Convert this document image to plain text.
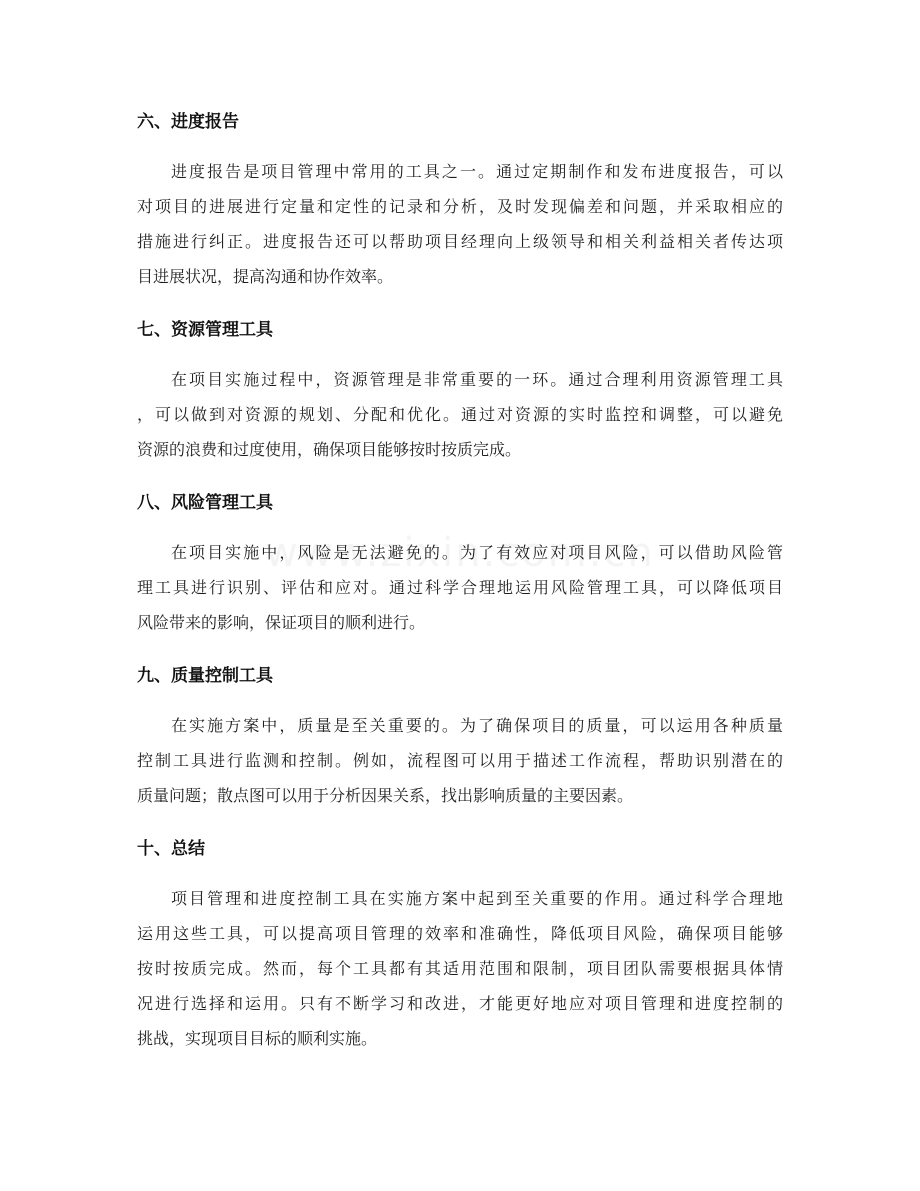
六、进度报告
进度报告是项目管理中常用的工具之一。通过定期制作和发布进度报告，可以
对项目的进展进行定量和定性的记录和分析，及时发现偏差和问题，并采取相应的
措施进行纠正。进度报告还可以帮助项目经理向上级领导和相关利益相关者传达项
目进展状况，提高沟通和协作效率。
七、资源管理工具
在项目实施过程中，资源管理是非常重要的一环。通过合理利用资源管理工具
，可以做到对资源的规划、分配和优化。通过对资源的实时监控和调整，可以避免
资源的浪费和过度使用，确保项目能够按时按质完成。
八、风险管理工具
在项目实施中，风险是无法避免的。为了有效应对项目风险，可以借助风险管
理工具进行识别、评估和应对。通过科学合理地运用风险管理工具，可以降低项目
风险带来的影响，保证项目的顺利进行。
九、质量控制工具
在实施方案中，质量是至关重要的。为了确保项目的质量，可以运用各种质量
控制工具进行监测和控制。例如，流程图可以用于描述工作流程，帮助识别潜在的
质量问题；散点图可以用于分析因果关系，找出影响质量的主要因素。
十、总结
项目管理和进度控制工具在实施方案中起到至关重要的作用。通过科学合理地
运用这些工具，可以提高项目管理的效率和准确性，降低项目风险，确保项目能够
按时按质完成。然而，每个工具都有其适用范围和限制，项目团队需要根据具体情
况进行选择和运用。只有不断学习和改进，才能更好地应对项目管理和进度控制的
挑战，实现项目目标的顺利实施。
